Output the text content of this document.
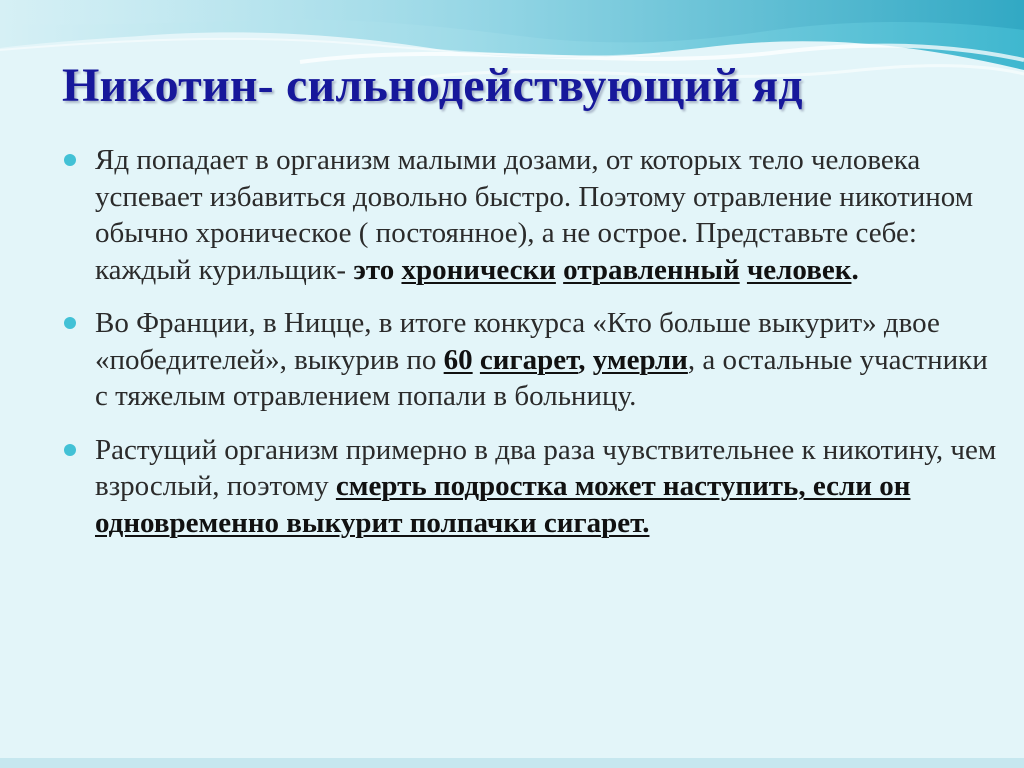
Никотин- сильнодействующий яд
Яд попадает в организм малыми дозами, от которых тело человека успевает избавиться довольно быстро. Поэтому отравление никотином обычно хроническое ( постоянное), а не острое. Представьте себе: каждый курильщик- это хронически отравленный человек.
Во Франции, в Ницце, в итоге конкурса «Кто больше выкурит» двое «победителей», выкурив по 60 сигарет, умерли, а остальные участники с тяжелым отравлением попали в больницу.
Растущий организм примерно в два раза чувствительнее к никотину, чем взрослый, поэтому смерть подростка может наступить, если он одновременно выкурит полпачки сигарет.
